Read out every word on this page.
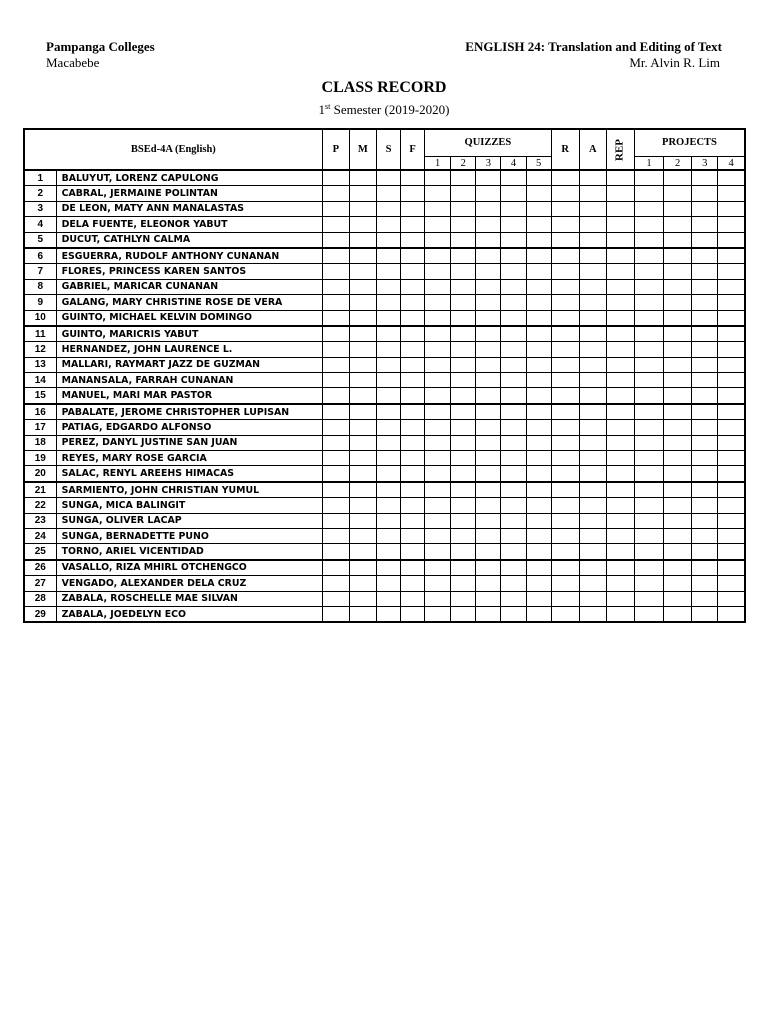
Pampanga Colleges
Macabebe
ENGLISH 24: Translation and Editing of Text
Mr. Alvin R. Lim
CLASS RECORD
1st Semester (2019-2020)
BSEd-4A (English)		P	M	S	F	QUIZZES					R	A	REP	PROJECTS			
						1	2	3	4	5				1	2	3	4
1	BALUYUT, LORENZ CAPULONG																
2	CABRAL, JERMAINE POLINTAN																
3	DE LEON, MATY ANN MANALASTAS																
4	DELA FUENTE, ELEONOR YABUT																
5	DUCUT, CATHLYN CALMA																
6	ESGUERRA, RUDOLF ANTHONY CUNANAN																
7	FLORES, PRINCESS KAREN SANTOS																
8	GABRIEL, MARICAR CUNANAN																
9	GALANG, MARY CHRISTINE ROSE DE VERA																
10	GUINTO, MICHAEL KELVIN DOMINGO																
11	GUINTO, MARICRIS YABUT																
12	HERNANDEZ, JOHN LAURENCE L.																
13	MALLARI, RAYMART JAZZ DE GUZMAN																
14	MANANSALA, FARRAH CUNANAN																
15	MANUEL, MARI MAR PASTOR																
16	PABALATE, JEROME CHRISTOPHER LUPISAN																
17	PATIAG, EDGARDO ALFONSO																
18	PEREZ, DANYL JUSTINE SAN JUAN																
19	REYES, MARY ROSE GARCIA																
20	SALAC, RENYL AREEHS HIMACAS																
21	SARMIENTO, JOHN CHRISTIAN YUMUL																
22	SUNGA, MICA BALINGIT																
23	SUNGA, OLIVER LACAP																
24	SUNGA, BERNADETTE PUNO																
25	TORNO, ARIEL VICENTIDAD																
26	VASALLO, RIZA MHIRL OTCHENGCO																
27	VENGADO, ALEXANDER DELA CRUZ																
28	ZABALA, ROSCHELLE MAE SILVAN																
29	ZABALA, JOEDELYN ECO																
